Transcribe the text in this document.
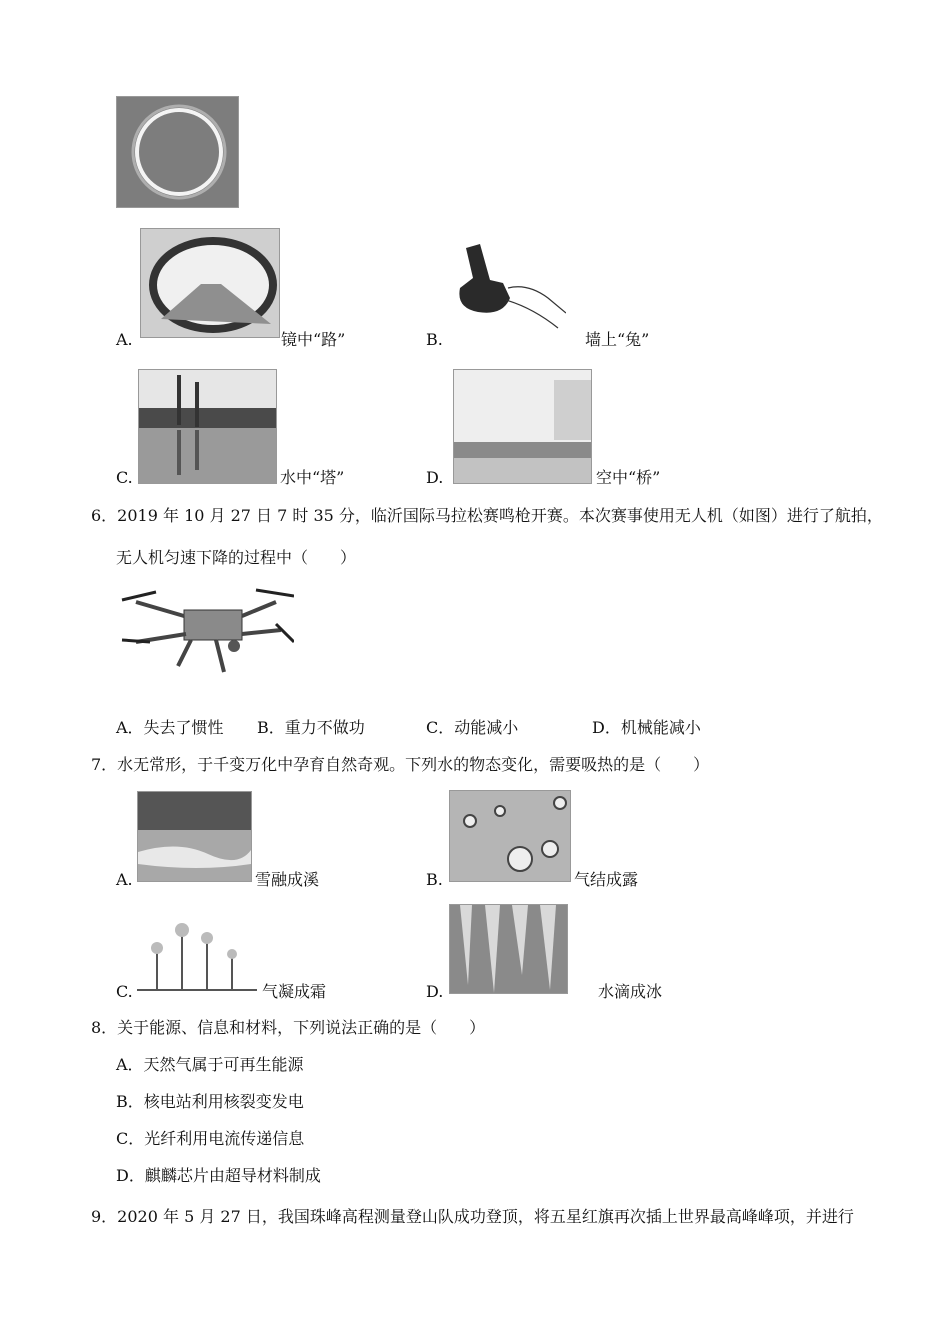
A.	镜中“路”	B.	墙上“兔”
C.	水中“塔”	D.	空中“桥”
6．2019 年 10 月 27 日 7 时 35 分，临沂国际马拉松赛鸣枪开赛。本次赛事使用无人机（如图）进行了航拍，
无人机匀速下降的过程中（　　）
A．失去了惯性 B．重力不做功	C．动能减小	D．机械能减小
7．水无常形，于千变万化中孕育自然奇观。下列水的物态变化，需要吸热的是（　　）
A.	雪融成溪	B.	气结成露
C.	气凝成霜	D.	水滴成冰
8．关于能源、信息和材料，下列说法正确的是（　　）
A．天然气属于可再生能源
B．核电站利用核裂变发电
C．光纤利用电流传递信息
D．麒麟芯片由超导材料制成
9．2020 年 5 月 27 日，我国珠峰高程测量登山队成功登顶，将五星红旗再次插上世界最高峰峰项，并进行
